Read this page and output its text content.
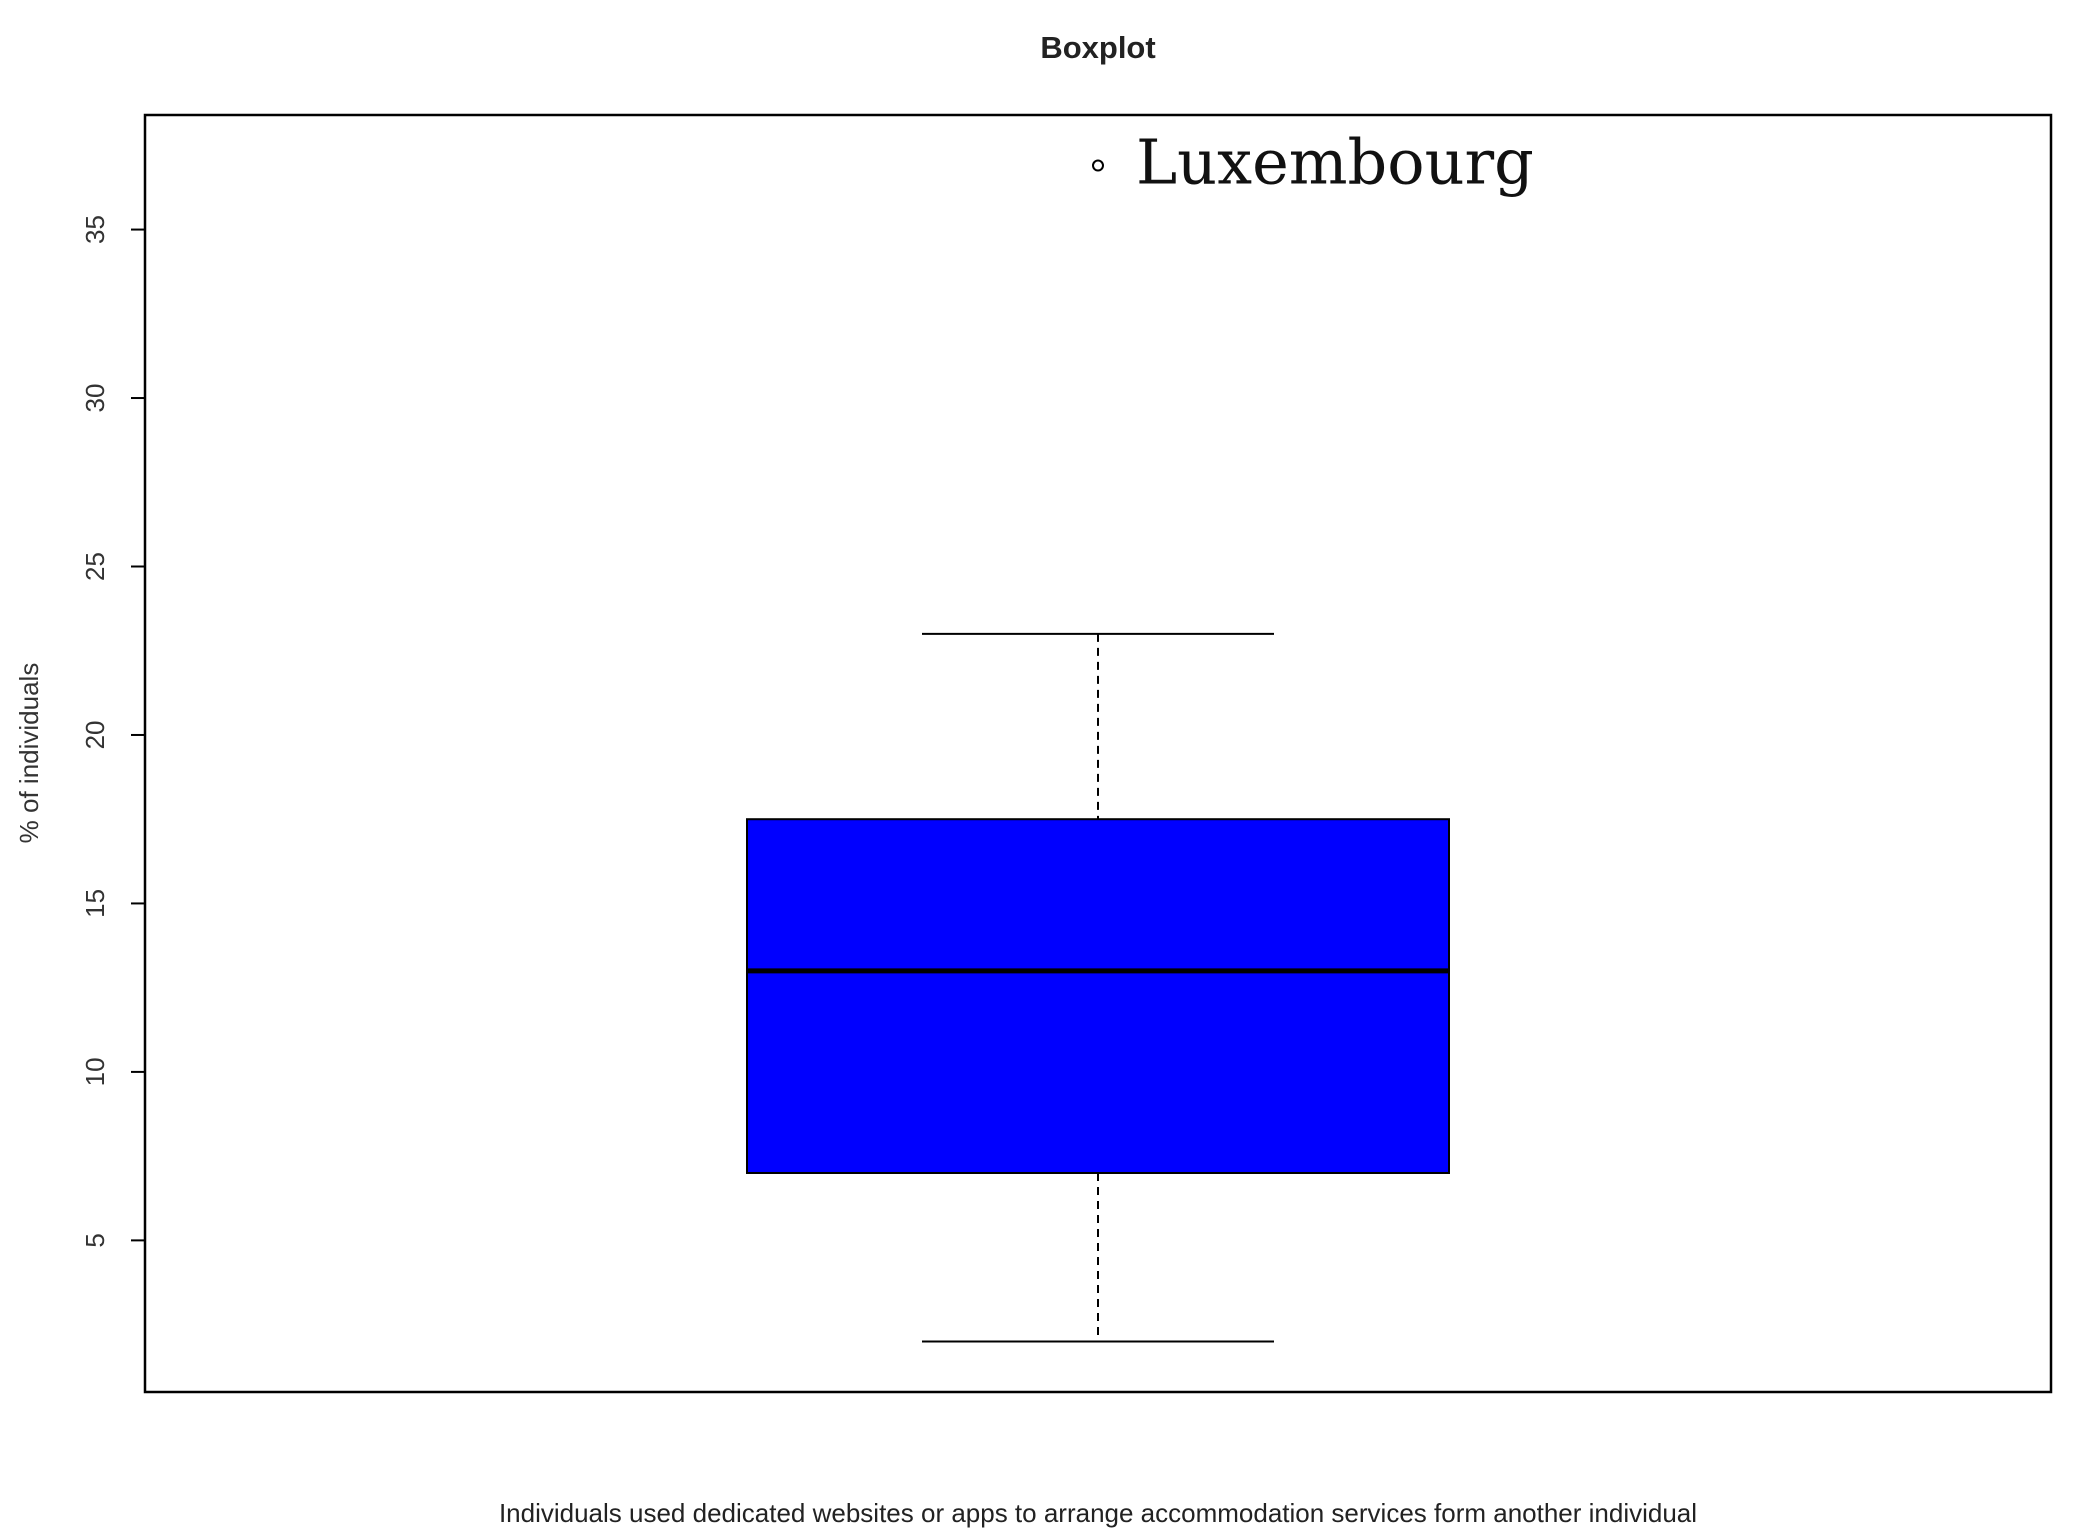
Boxplot
5
10
15
20
25
30
35
% of individuals
Luxembourg
Individuals used dedicated websites or apps to arrange accommodation services form another individual
